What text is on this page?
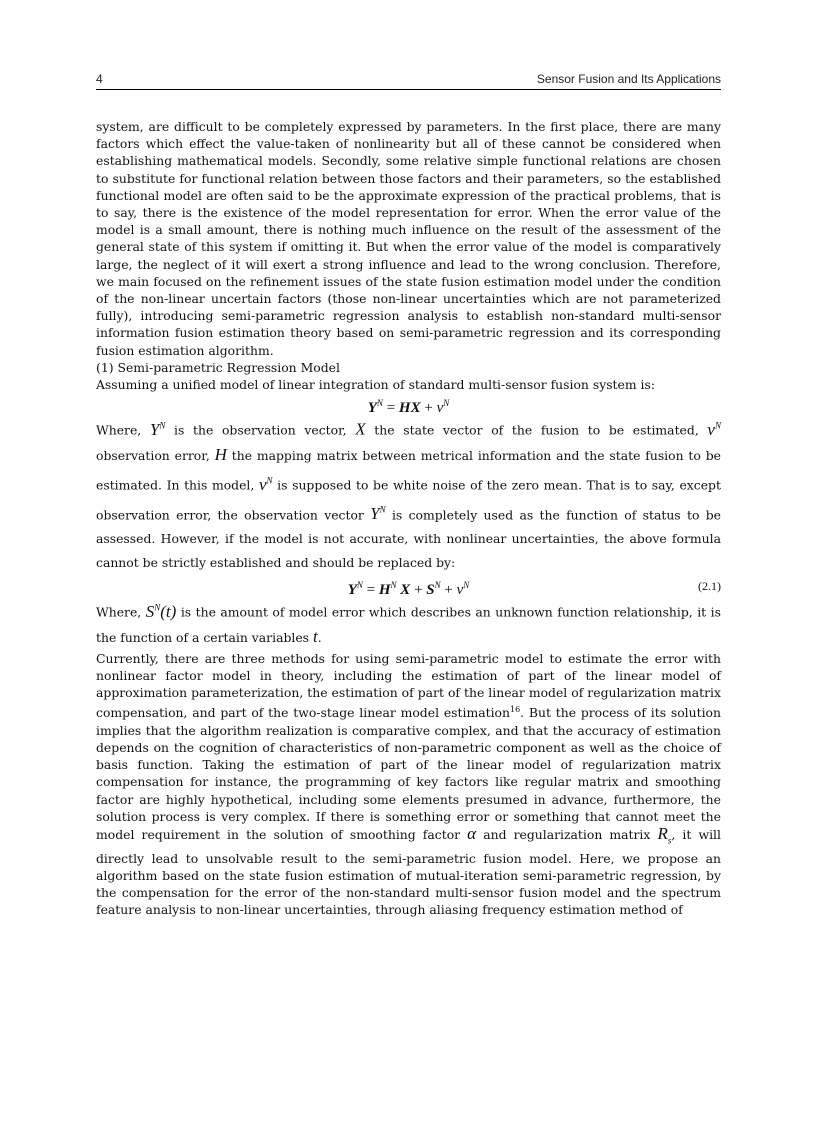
4	Sensor Fusion and Its Applications

system, are difficult to be completely expressed by parameters. In the first place, there are many factors which effect the value-taken of nonlinearity but all of these cannot be considered when establishing mathematical models. Secondly, some relative simple functional relations are chosen to substitute for functional relation between those factors and their parameters, so the established functional model are often said to be the approximate expression of the practical problems, that is to say, there is the existence of the model representation for error. When the error value of the model is a small amount, there is nothing much influence on the result of the assessment of the general state of this system if omitting it. But when the error value of the model is comparatively large, the neglect of it will exert a strong influence and lead to the wrong conclusion. Therefore, we main focused on the refinement issues of the state fusion estimation model under the condition of the non-linear uncertain factors (those non-linear uncertainties which are not parameterized fully), introducing semi-parametric regression analysis to establish non-standard multi-sensor information fusion estimation theory based on semi-parametric regression and its corresponding fusion estimation algorithm.

(1) Semi-parametric Regression Model

Assuming a unified model of linear integration of standard multi-sensor fusion system is:

$Y^N$ = HX + $v^N$

Where, $Y^N$ is the observation vector, X the state vector of the fusion to be estimated, $v^N$ observation error, H the mapping matrix between metrical information and the state fusion to be estimated. In this model, $v^N$ is supposed to be white noise of the zero mean. That is to say, except observation error, the observation vector $Y^N$ is completely used as the function of status to be assessed. However, if the model is not accurate, with nonlinear uncertainties, the above formula cannot be strictly established and should be replaced by:

$Y^N = H^N$ $X + S^N + v^N$	(2.1)

Where, $S^N(t)$ is the amount of model error which describes an unknown function relationship, it is the function of a certain variables t.

Currently, there are three methods for using semi-parametric model to estimate the error with nonlinear factor model in theory, including the estimation of part of the linear model of approximation parameterization, the estimation of part of the linear model of regularization matrix compensation, and part of the two-stage linear model estimation$^{16}$. But the process of its solution implies that the algorithm realization is comparative complex, and that the accuracy of estimation depends on the cognition of characteristics of non-parametric component as well as the choice of basis function. Taking the estimation of part of the linear model of regularization matrix compensation for instance, the programming of key factors like regular matrix and smoothing factor are highly hypothetical, including some elements presumed in advance, furthermore, the solution process is very complex. If there is something error or something that cannot meet the model requirement in the solution of smoothing factor α and regularization matrix $R_s$, it will directly lead to unsolvable result to the semi-parametric fusion model. Here, we propose an algorithm based on the state fusion estimation of mutual-iteration semi-parametric regression, by the compensation for the error of the non-standard multi-sensor fusion model and the spectrum feature analysis to non-linear uncertainties, through aliasing frequency estimation method of
